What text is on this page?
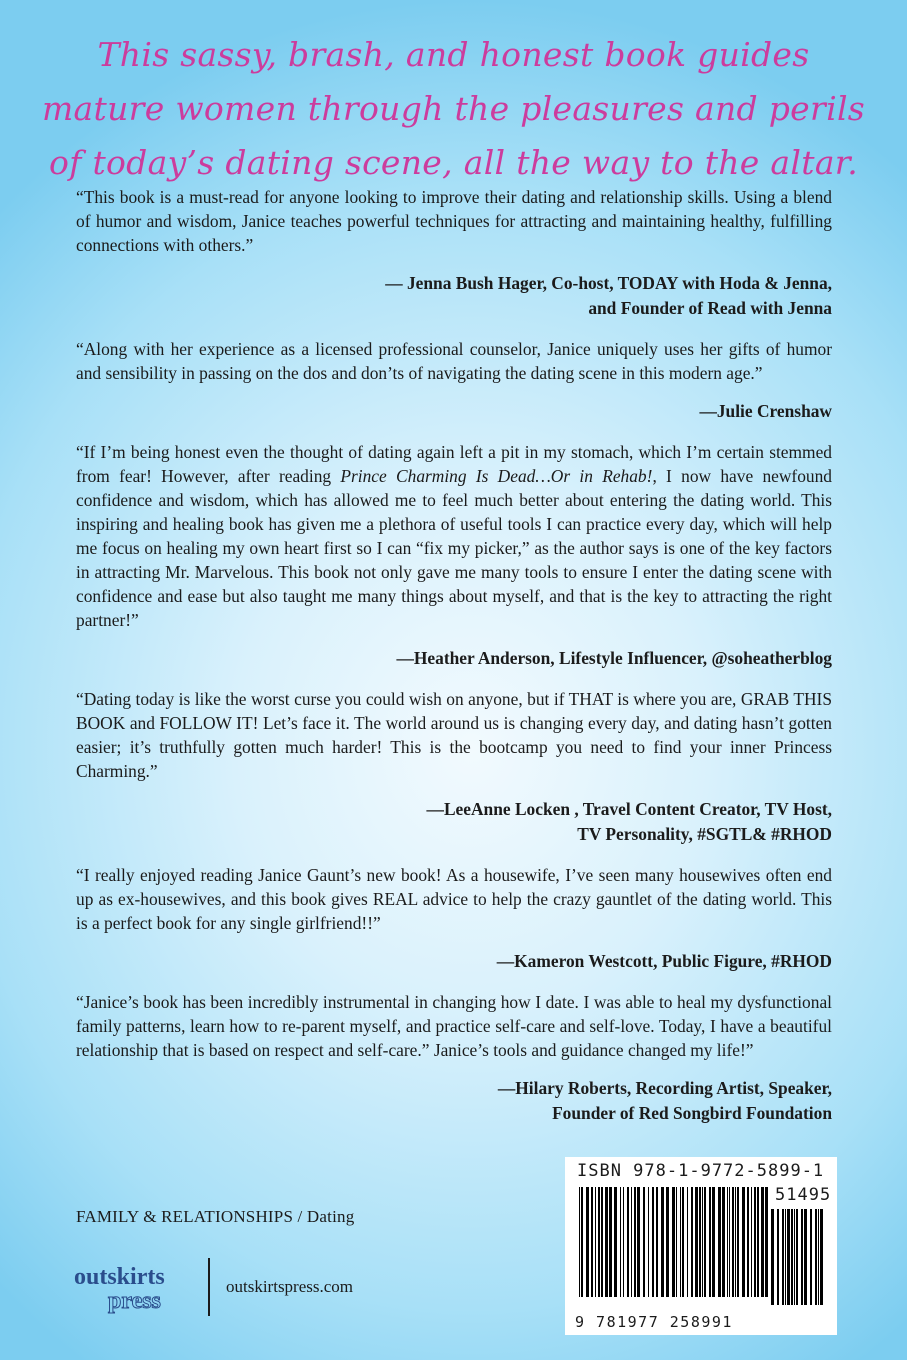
This sassy, brash, and honest book guides mature women through the pleasures and perils of today’s dating scene, all the way to the altar.

“This book is a must-read for anyone looking to improve their dating and relationship skills. Using a blend of humor and wisdom, Janice teaches powerful techniques for attracting and maintaining healthy, fulfilling connections with others.”

— Jenna Bush Hager, Co-host, TODAY with Hoda & Jenna,
and Founder of Read with Jenna

“Along with her experience as a licensed professional counselor, Janice uniquely uses her gifts of humor and sensibility in passing on the dos and don’ts of navigating the dating scene in this modern age.”

—Julie Crenshaw

“If I’m being honest even the thought of dating again left a pit in my stomach, which I’m certain stemmed from fear! However, after reading Prince Charming Is Dead…Or in Rehab!, I now have newfound confidence and wisdom, which has allowed me to feel much better about entering the dating world. This inspiring and healing book has given me a plethora of useful tools I can practice every day, which will help me focus on healing my own heart first so I can “fix my picker,” as the author says is one of the key factors in attracting Mr. Marvelous. This book not only gave me many tools to ensure I enter the dating scene with confidence and ease but also taught me many things about myself, and that is the key to attracting the right partner!”

—Heather Anderson, Lifestyle Influencer, @soheatherblog

“Dating today is like the worst curse you could wish on anyone, but if THAT is where you are, GRAB THIS BOOK and FOLLOW IT! Let’s face it. The world around us is changing every day, and dating hasn’t gotten easier; it’s truthfully gotten much harder! This is the bootcamp you need to find your inner Princess Charming.”

—LeeAnne Locken , Travel Content Creator, TV Host,
TV Personality, #SGTL& #RHOD

“I really enjoyed reading Janice Gaunt’s new book! As a housewife, I’ve seen many housewives often end up as ex-housewives, and this book gives REAL advice to help the crazy gauntlet of the dating world. This is a perfect book for any single girlfriend!!”

—Kameron Westcott, Public Figure, #RHOD

“Janice’s book has been incredibly instrumental in changing how I date. I was able to heal my dysfunctional family patterns, learn how to re-parent myself, and practice self-care and self-love. Today, I have a beautiful relationship that is based on respect and self-care.” Janice’s tools and guidance changed my life!”

—Hilary Roberts, Recording Artist, Speaker,
Founder of Red Songbird Foundation
FAMILY & RELATIONSHIPS / Dating
outskirts
press
outskirtspress.com
ISBN 978-1-9772-5899-1
51495
9 781977 258991
